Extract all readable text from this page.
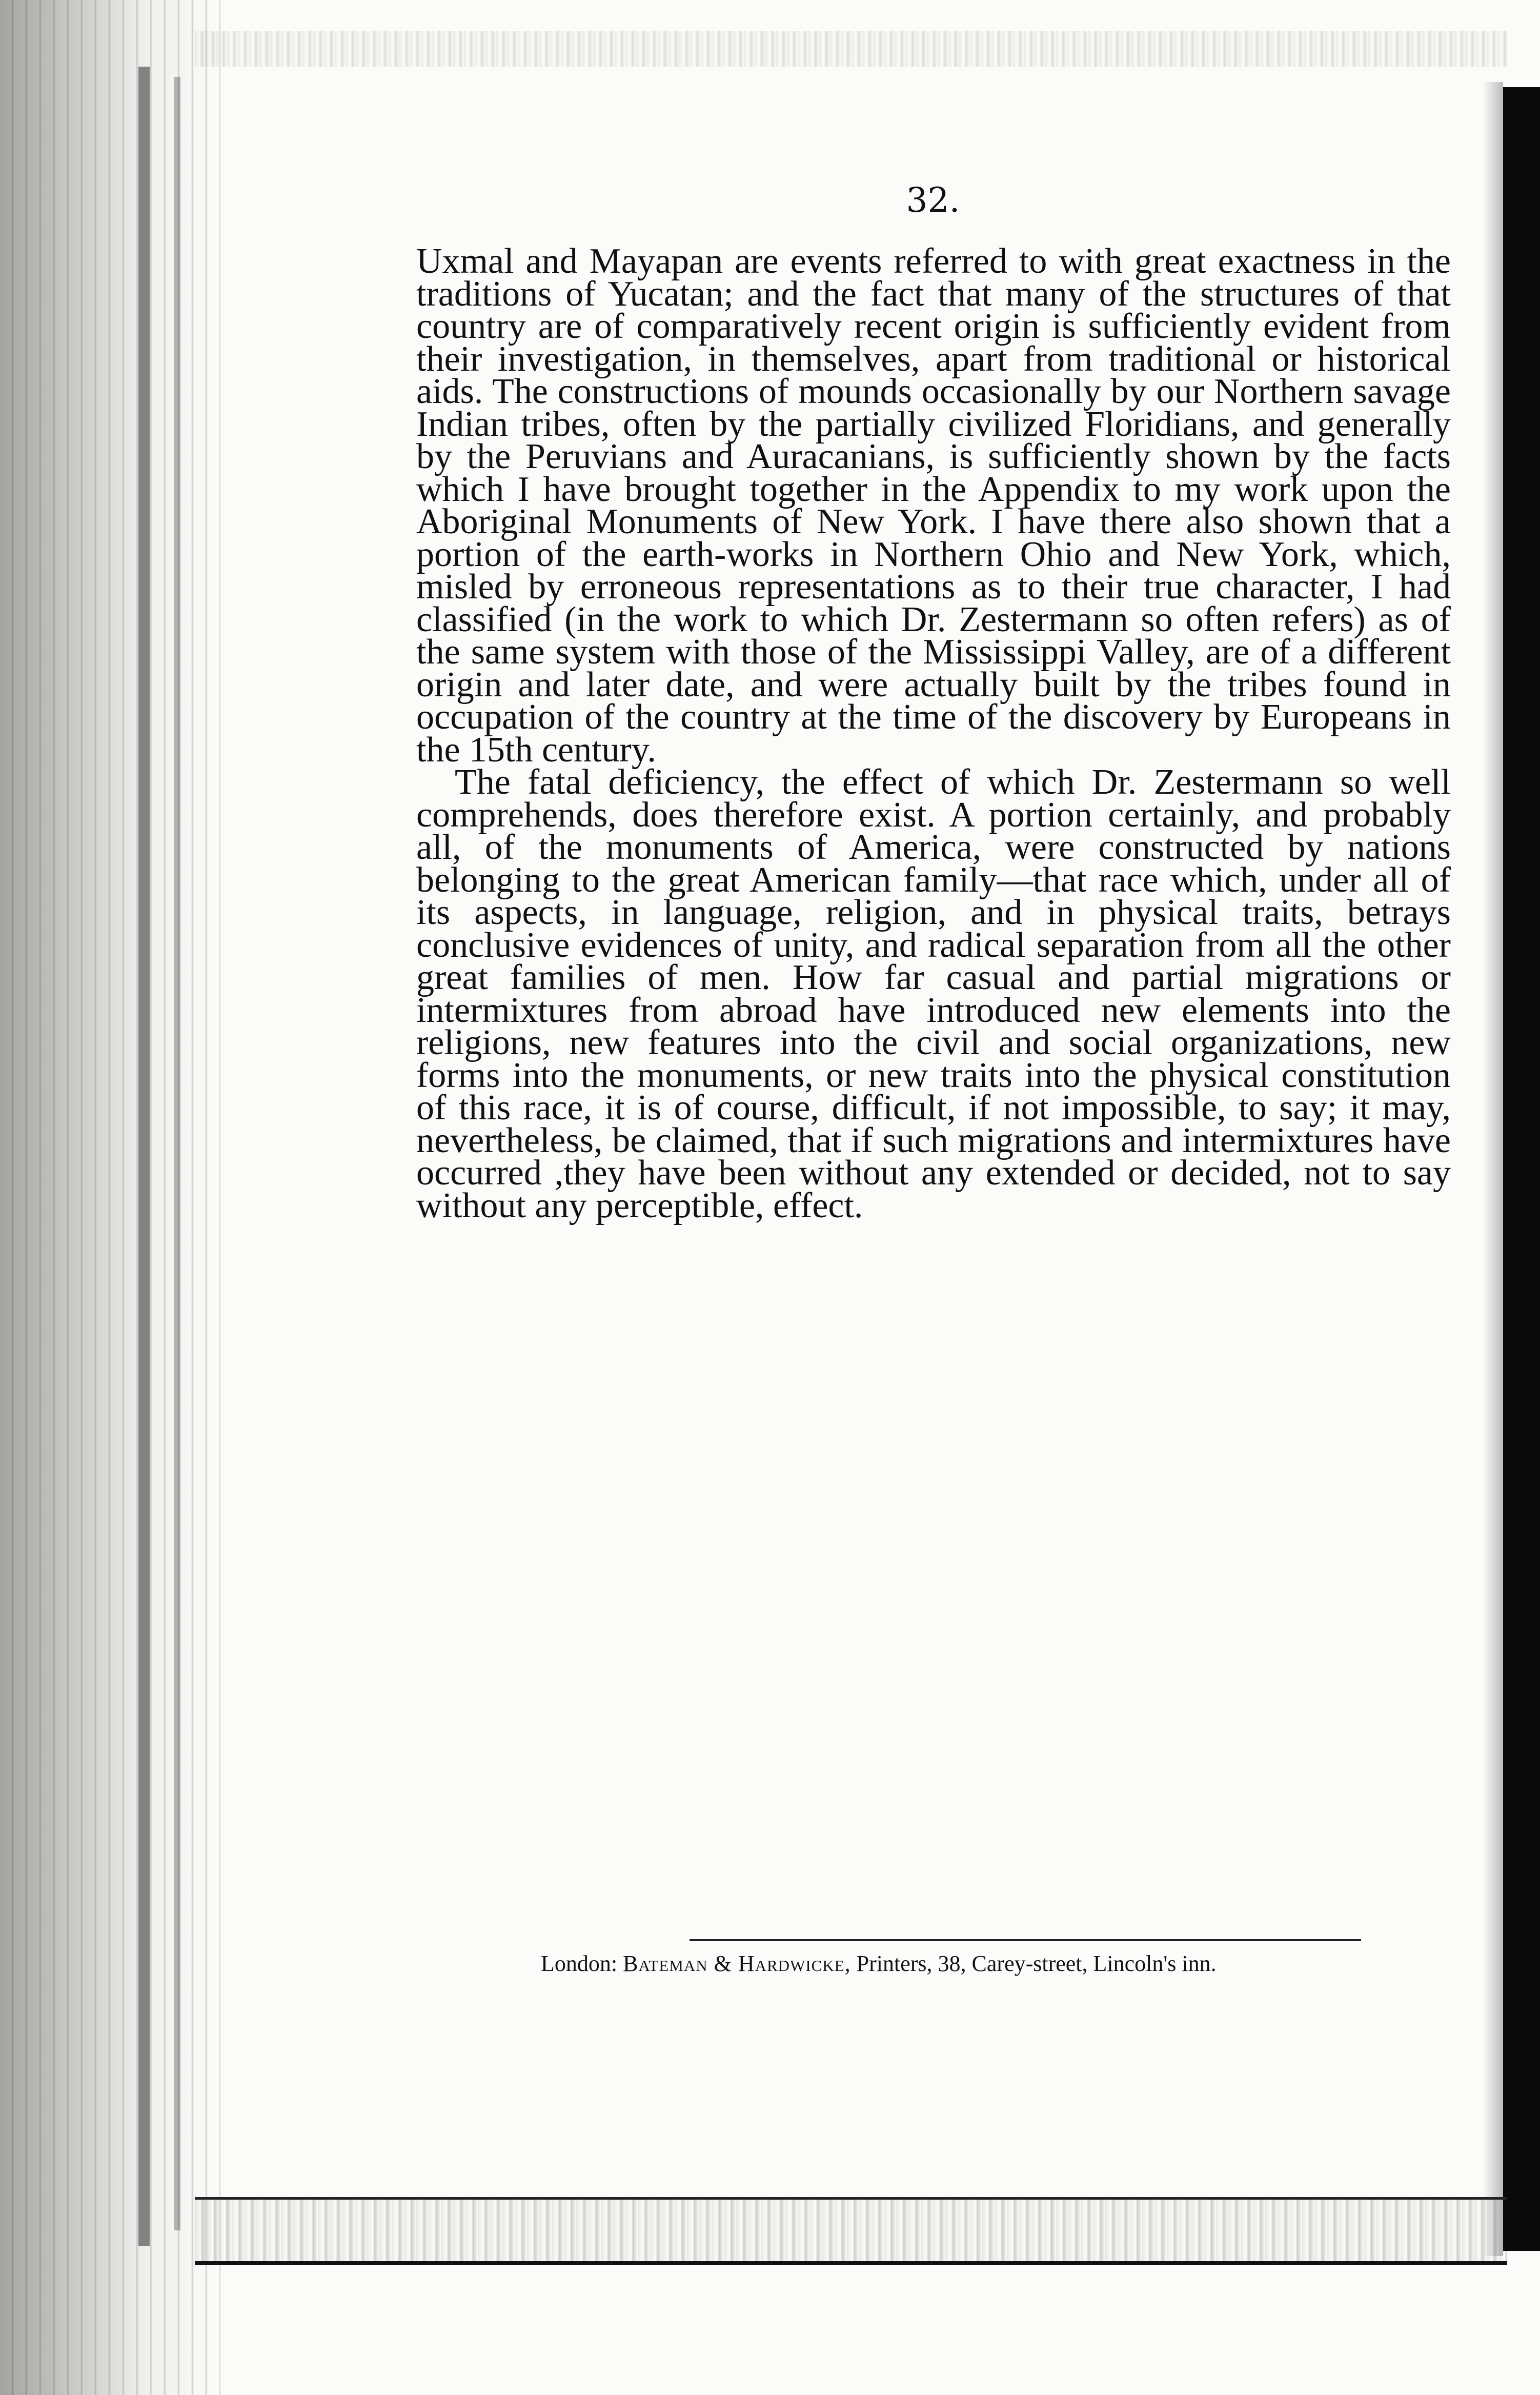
32.

Uxmal and Mayapan are events referred to with great exactness in the traditions of Yucatan; and the fact that many of the structures of that country are of comparatively recent origin is sufficiently evident from their investigation, in themselves, apart from traditional or historical aids. The constructions of mounds occasionally by our Northern savage Indian tribes, often by the partially civilized Floridians, and generally by the Peruvians and Auracanians, is sufficiently shown by the facts which I have brought together in the Appendix to my work upon the Aboriginal Monuments of New York. I have there also shown that a portion of the earth-works in Northern Ohio and New York, which, misled by erroneous representations as to their true character, I had classified (in the work to which Dr. Zestermann so often refers) as of the same system with those of the Mississippi Valley, are of a different origin and later date, and were actually built by the tribes found in occupation of the country at the time of the discovery by Europeans in the 15th century.

The fatal deficiency, the effect of which Dr. Zestermann so well comprehends, does therefore exist. A portion certainly, and probably all, of the monuments of America, were constructed by nations belonging to the great American family—that race which, under all of its aspects, in language, religion, and in physical traits, betrays conclusive evidences of unity, and radical separation from all the other great families of men. How far casual and partial migrations or intermixtures from abroad have introduced new elements into the religions, new features into the civil and social organizations, new forms into the monuments, or new traits into the physical constitution of this race, it is of course, difficult, if not impossible, to say; it may, nevertheless, be claimed, that if such migrations and intermixtures have occurred ,they have been without any extended or decided, not to say without any perceptible, effect.

London: Bateman & Hardwicke, Printers, 38, Carey-street, Lincoln's inn.
